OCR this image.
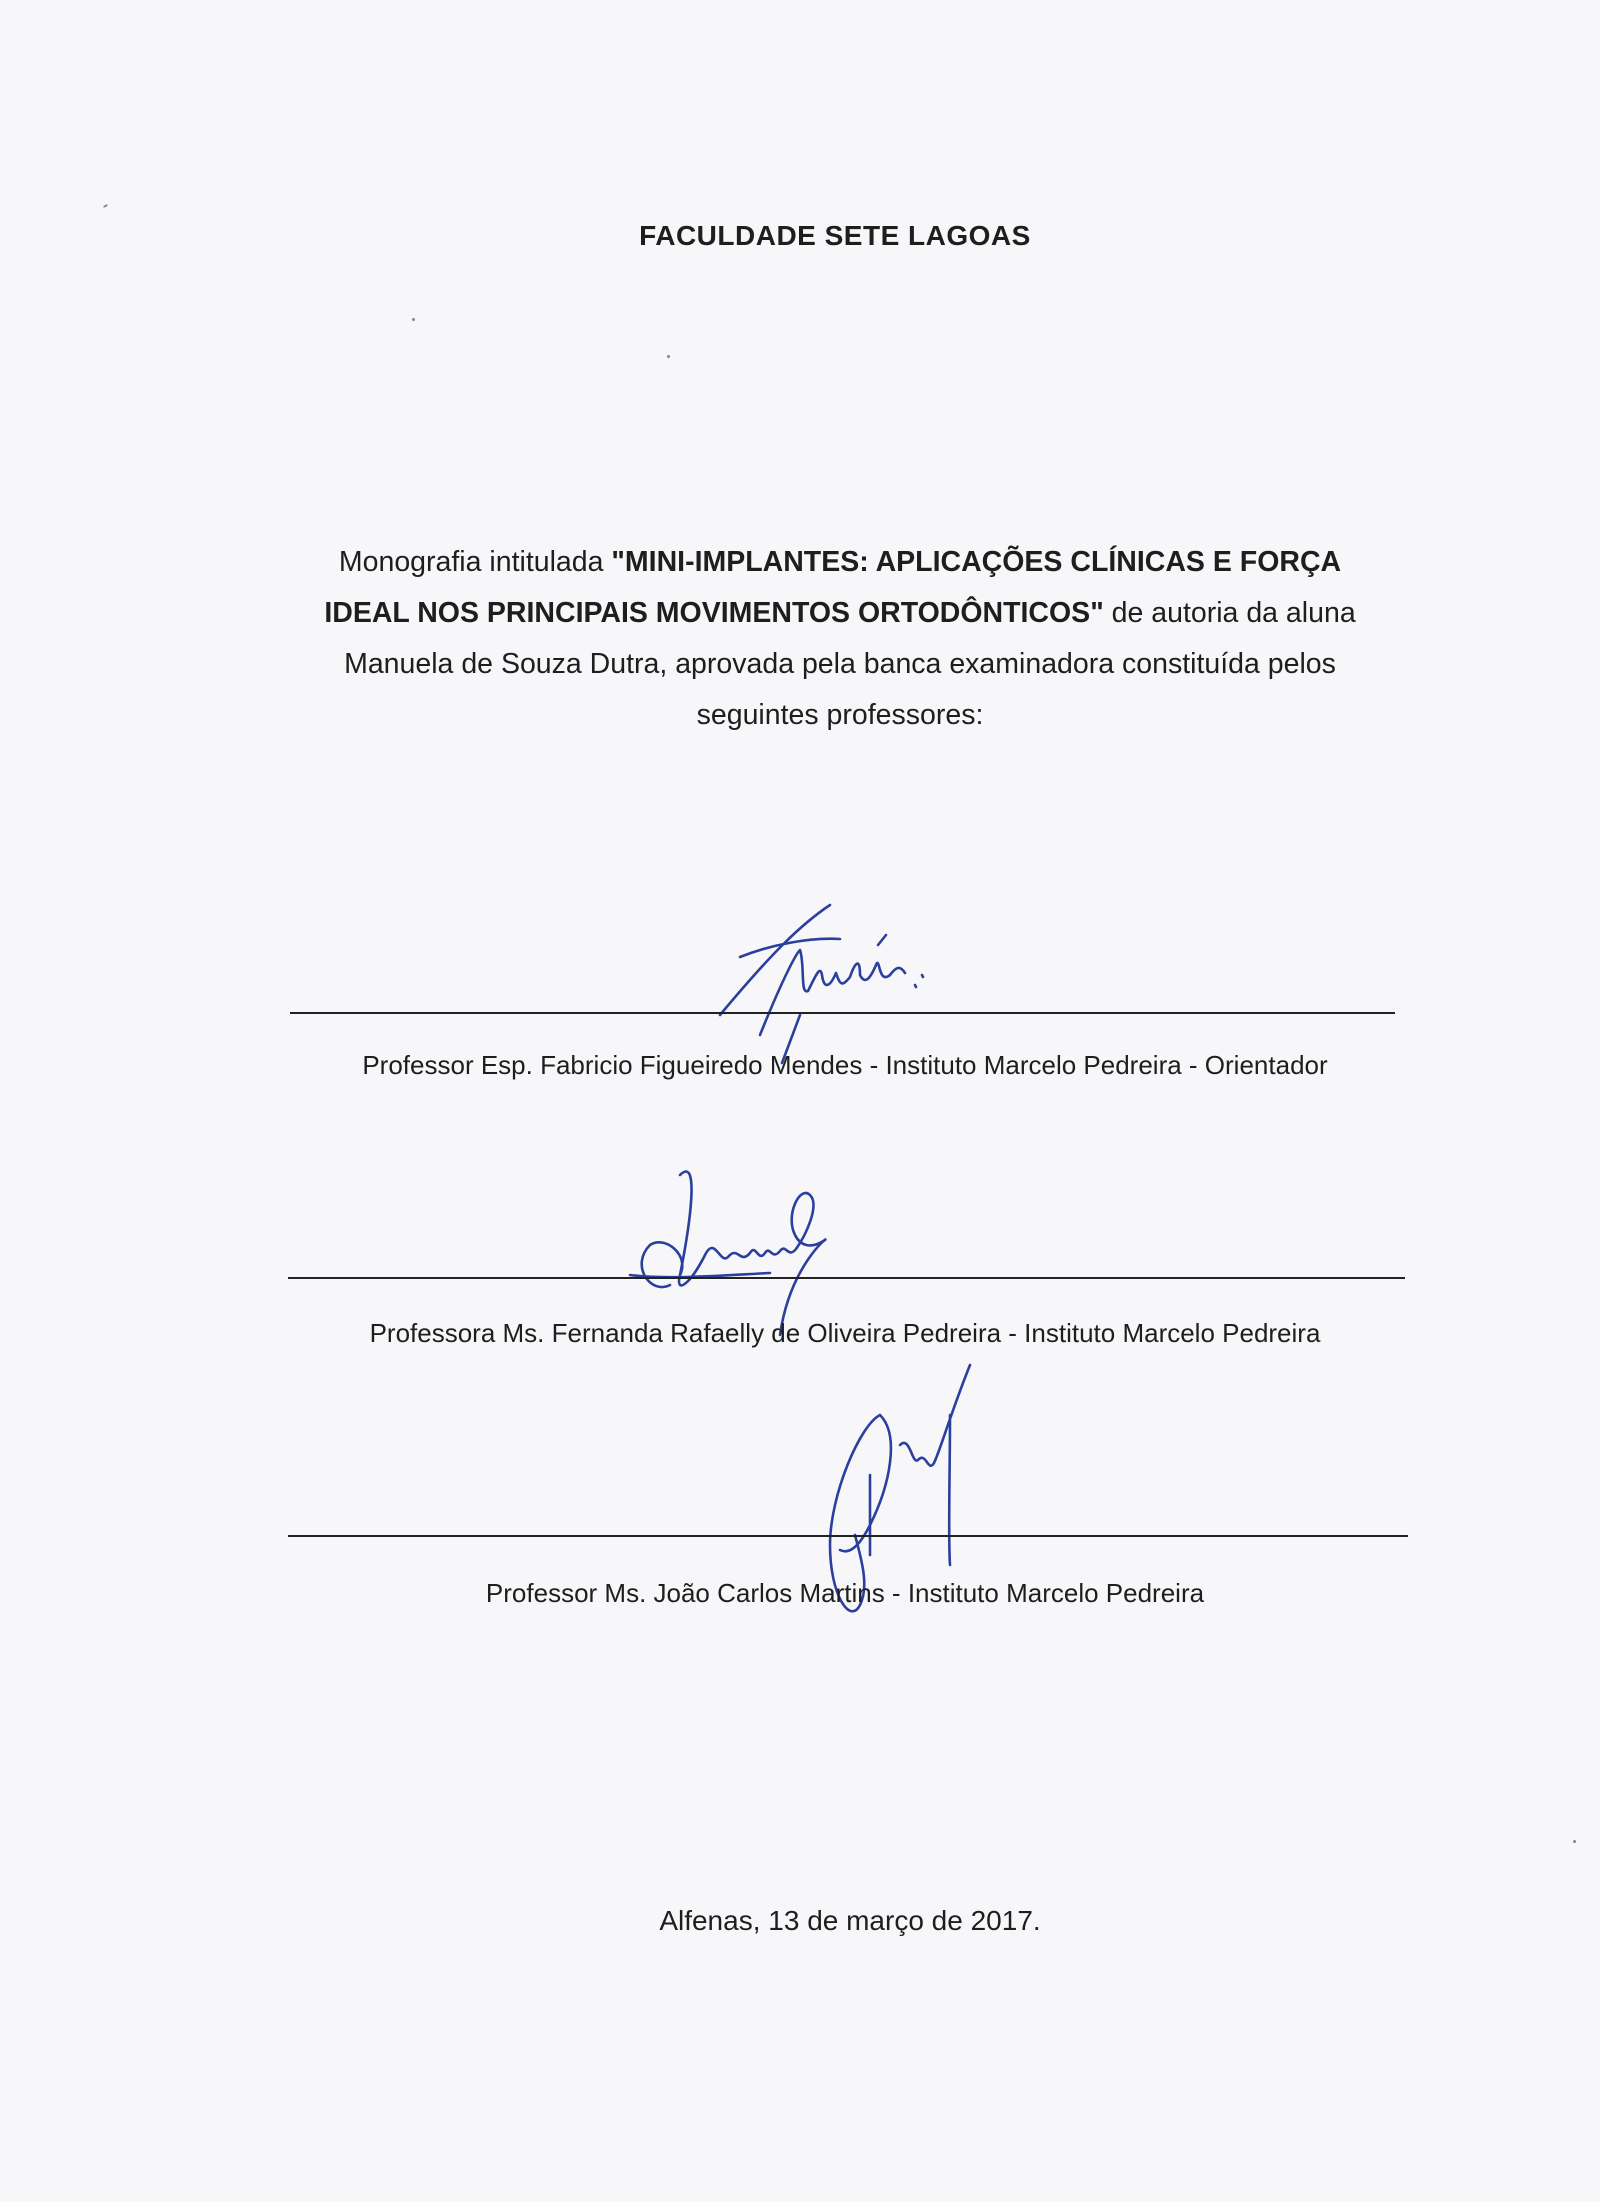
FACULDADE SETE LAGOAS
Monografia intitulada "MINI-IMPLANTES: APLICAÇÕES CLÍNICAS E FORÇA IDEAL NOS PRINCIPAIS MOVIMENTOS ORTODÔNTICOS" de autoria da aluna Manuela de Souza Dutra, aprovada pela banca examinadora constituída pelos seguintes professores:
Professor Esp. Fabricio Figueiredo Mendes - Instituto Marcelo Pedreira - Orientador
Professora Ms. Fernanda Rafaelly de Oliveira Pedreira - Instituto Marcelo Pedreira
Professor Ms. João Carlos Martins - Instituto Marcelo Pedreira
Alfenas, 13 de março de 2017.
